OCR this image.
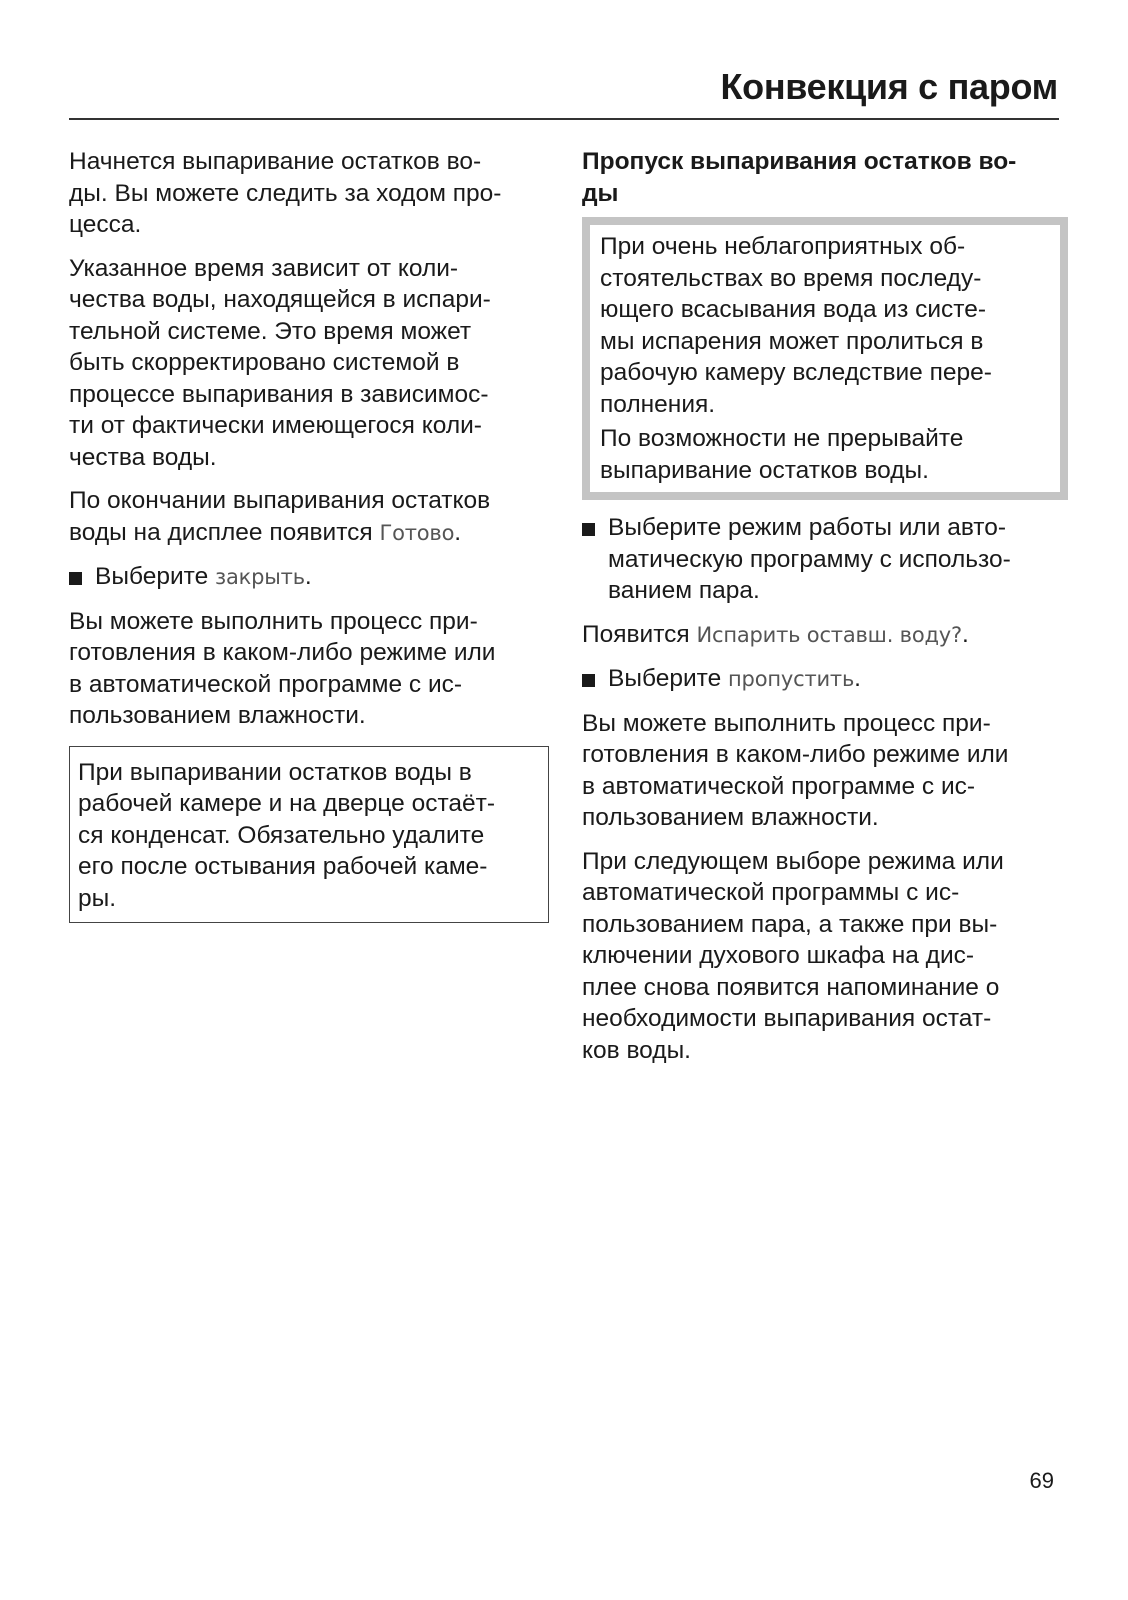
Конвекция с паром

Начнется выпаривание остатков во-
ды. Вы можете следить за ходом про-
цесса.

Указанное время зависит от коли-
чества воды, находящейся в испари-
тельной системе. Это время может
быть скорректировано системой в
процессе выпаривания в зависимос-
ти от фактически имеющегося коли-
чества воды.

По окончании выпаривания остатков
воды на дисплее появится Готово.

Выберите закрыть.

Вы можете выполнить процесс при-
готовления в каком-либо режиме или
в автоматической программе с ис-
пользованием влажности.

При выпаривании остатков воды в
рабочей камере и на дверце остаёт-
ся конденсат. Обязательно удалите
его после остывания рабочей каме-
ры.
Пропуск выпаривания остатков во-
ды

При очень неблагоприятных об-
стоятельствах во время последу-
ющего всасывания вода из систе-
мы испарения может пролиться в
рабочую камеру вследствие пере-
полнения.

По возможности не прерывайте
выпаривание остатков воды.

Выберите режим работы или авто-
матическую программу с использо-
ванием пара.

Появится Испарить оставш. воду?.

Выберите пропустить.

Вы можете выполнить процесс при-
готовления в каком-либо режиме или
в автоматической программе с ис-
пользованием влажности.

При следующем выборе режима или
автоматической программы с ис-
пользованием пара, а также при вы-
ключении духового шкафа на дис-
плее снова появится напоминание о
необходимости выпаривания остат-
ков воды.

69
